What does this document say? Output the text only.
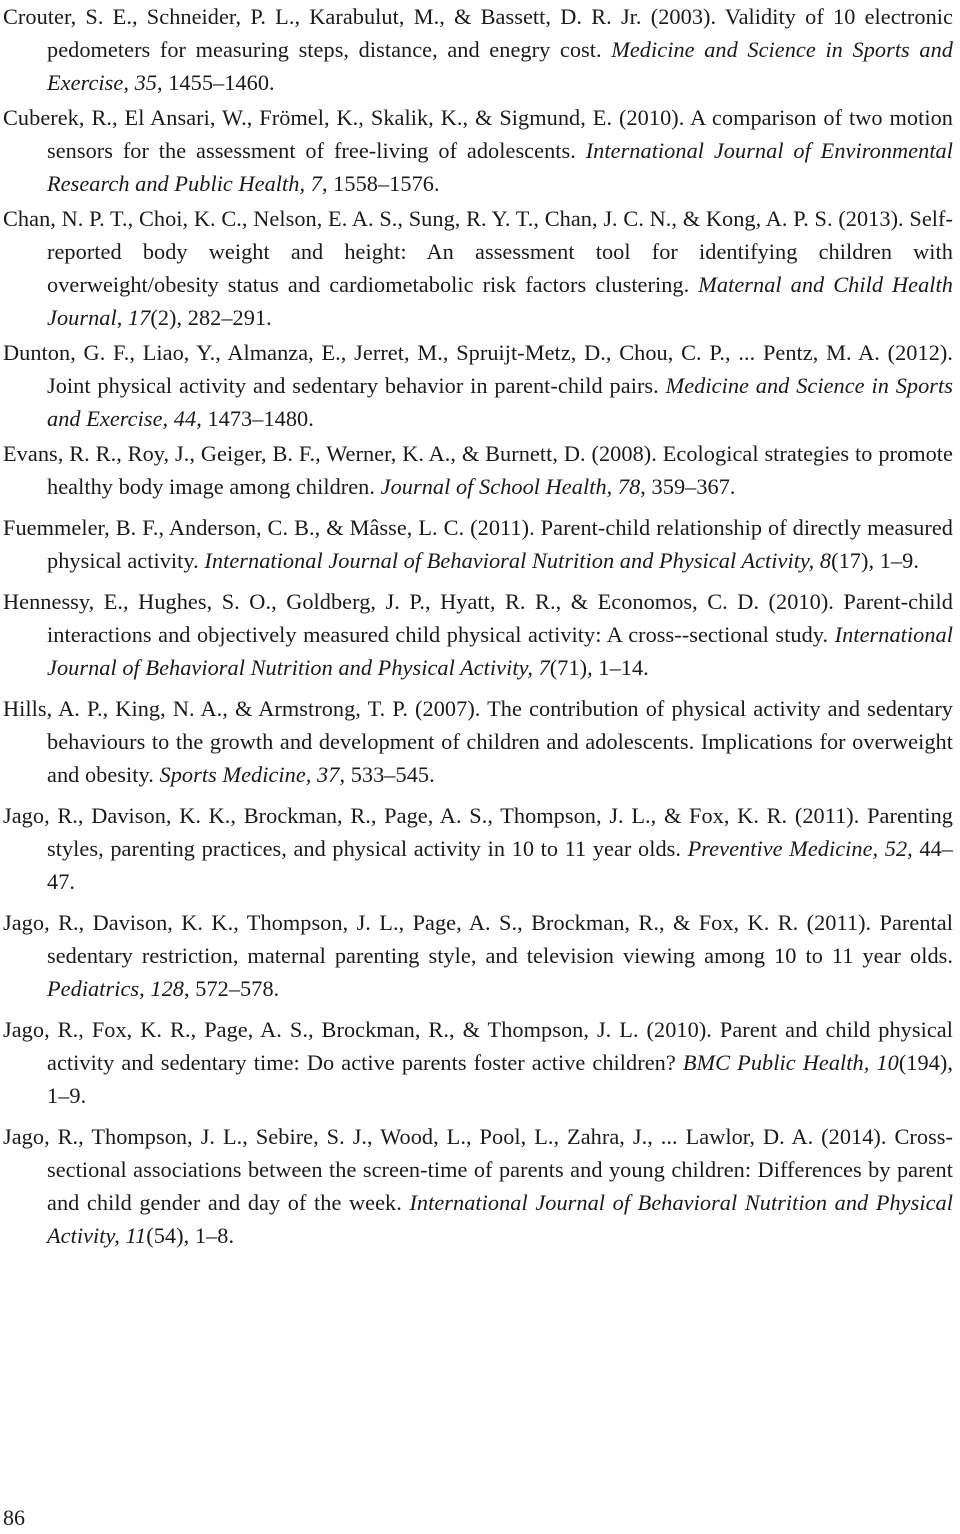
Crouter, S. E., Schneider, P. L., Karabulut, M., & Bassett, D. R. Jr. (2003). Validity of 10 electronic pedometers for measuring steps, distance, and enegry cost. Medicine and Science in Sports and Exercise, 35, 1455–1460.

Cuberek, R., El Ansari, W., Frömel, K., Skalik, K., & Sigmund, E. (2010). A comparison of two motion sensors for the assessment of free-living of adolescents. International Journal of Environmental Research and Public Health, 7, 1558–1576.

Chan, N. P. T., Choi, K. C., Nelson, E. A. S., Sung, R. Y. T., Chan, J. C. N., & Kong, A. P. S. (2013). Self-reported body weight and height: An assessment tool for identifying children with overweight/obesity status and cardiometabolic risk factors clustering. Maternal and Child Health Journal, 17(2), 282–291.

Dunton, G. F., Liao, Y., Almanza, E., Jerret, M., Spruijt-Metz, D., Chou, C. P., ... Pentz, M. A. (2012). Joint physical activity and sedentary behavior in parent-child pairs. Medicine and Science in Sports and Exercise, 44, 1473–1480.

Evans, R. R., Roy, J., Geiger, B. F., Werner, K. A., & Burnett, D. (2008). Ecological strategies to promote healthy body image among children. Journal of School Health, 78, 359–367.

Fuemmeler, B. F., Anderson, C. B., & Mâsse, L. C. (2011). Parent-child relationship of directly measured physical activity. International Journal of Behavioral Nutrition and Physical Activity, 8(17), 1–9.

Hennessy, E., Hughes, S. O., Goldberg, J. P., Hyatt, R. R., & Economos, C. D. (2010). Parent-child interactions and objectively measured child physical activity: A cross--sectional study. International Journal of Behavioral Nutrition and Physical Activity, 7(71), 1–14.

Hills, A. P., King, N. A., & Armstrong, T. P. (2007). The contribution of physical activity and sedentary behaviours to the growth and development of children and adolescents. Implications for overweight and obesity. Sports Medicine, 37, 533–545.

Jago, R., Davison, K. K., Brockman, R., Page, A. S., Thompson, J. L., & Fox, K. R. (2011). Parenting styles, parenting practices, and physical activity in 10 to 11 year olds. Preventive Medicine, 52, 44–47.

Jago, R., Davison, K. K., Thompson, J. L., Page, A. S., Brockman, R., & Fox, K. R. (2011). Parental sedentary restriction, maternal parenting style, and television viewing among 10 to 11 year olds. Pediatrics, 128, 572–578.

Jago, R., Fox, K. R., Page, A. S., Brockman, R., & Thompson, J. L. (2010). Parent and child physical activity and sedentary time: Do active parents foster active children? BMC Public Health, 10(194), 1–9.

Jago, R., Thompson, J. L., Sebire, S. J., Wood, L., Pool, L., Zahra, J., ... Lawlor, D. A. (2014). Cross-sectional associations between the screen-time of parents and young children: Differences by parent and child gender and day of the week. International Journal of Behavioral Nutrition and Physical Activity, 11(54), 1–8.

86
